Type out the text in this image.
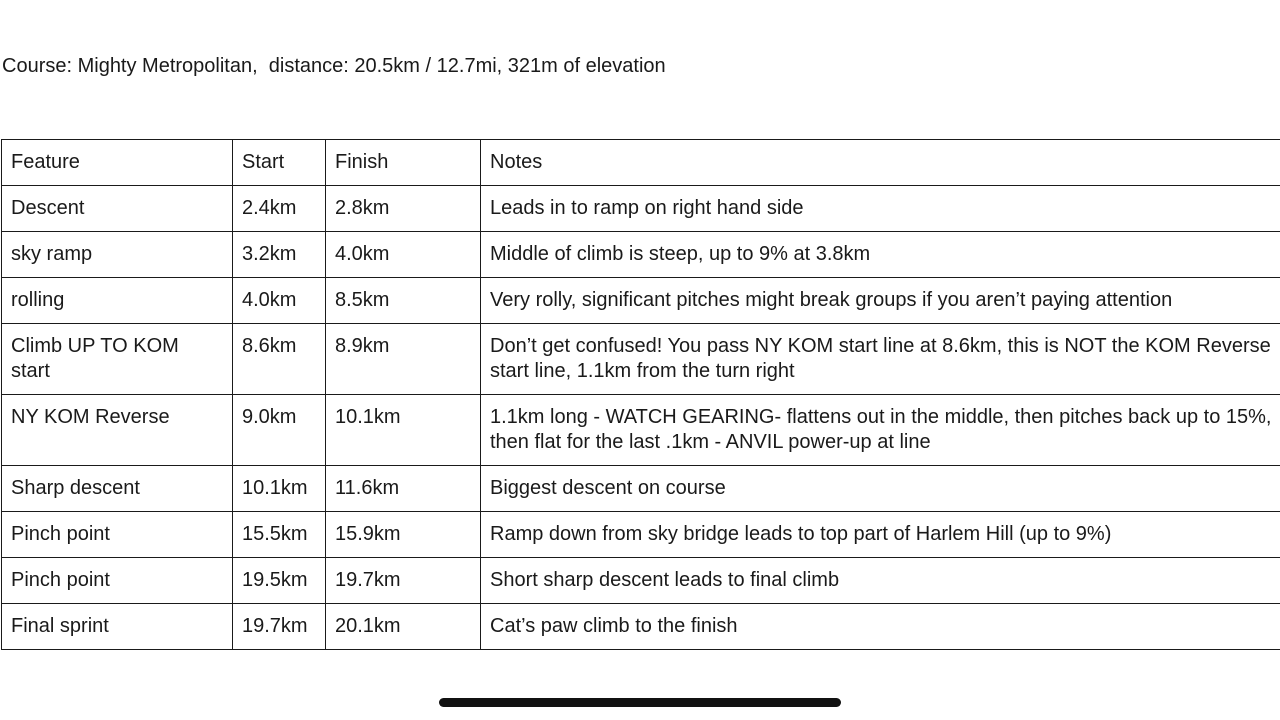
Course: Mighty Metropolitan,  distance: 20.5km / 12.7mi, 321m of elevation

Feature	Start	Finish	Notes
Descent	2.4km	2.8km	Leads in to ramp on right hand side
sky ramp	3.2km	4.0km	Middle of climb is steep, up to 9% at 3.8km
rolling	4.0km	8.5km	Very rolly, significant pitches might break groups if you aren’t paying attention
Climb UP TO KOM start	8.6km	8.9km	Don’t get confused! You pass NY KOM start line at 8.6km, this is NOT the KOM Reverse start line, 1.1km from the turn right
NY KOM Reverse	9.0km	10.1km	1.1km long - WATCH GEARING- flattens out in the middle, then pitches back up to 15%, then flat for the last .1km - ANVIL power-up at line
Sharp descent	10.1km	11.6km	Biggest descent on course
Pinch point	15.5km	15.9km	Ramp down from sky bridge leads to top part of Harlem Hill (up to 9%)
Pinch point	19.5km	19.7km	Short sharp descent leads to final climb
Final sprint	19.7km	20.1km	Cat’s paw climb to the finish
